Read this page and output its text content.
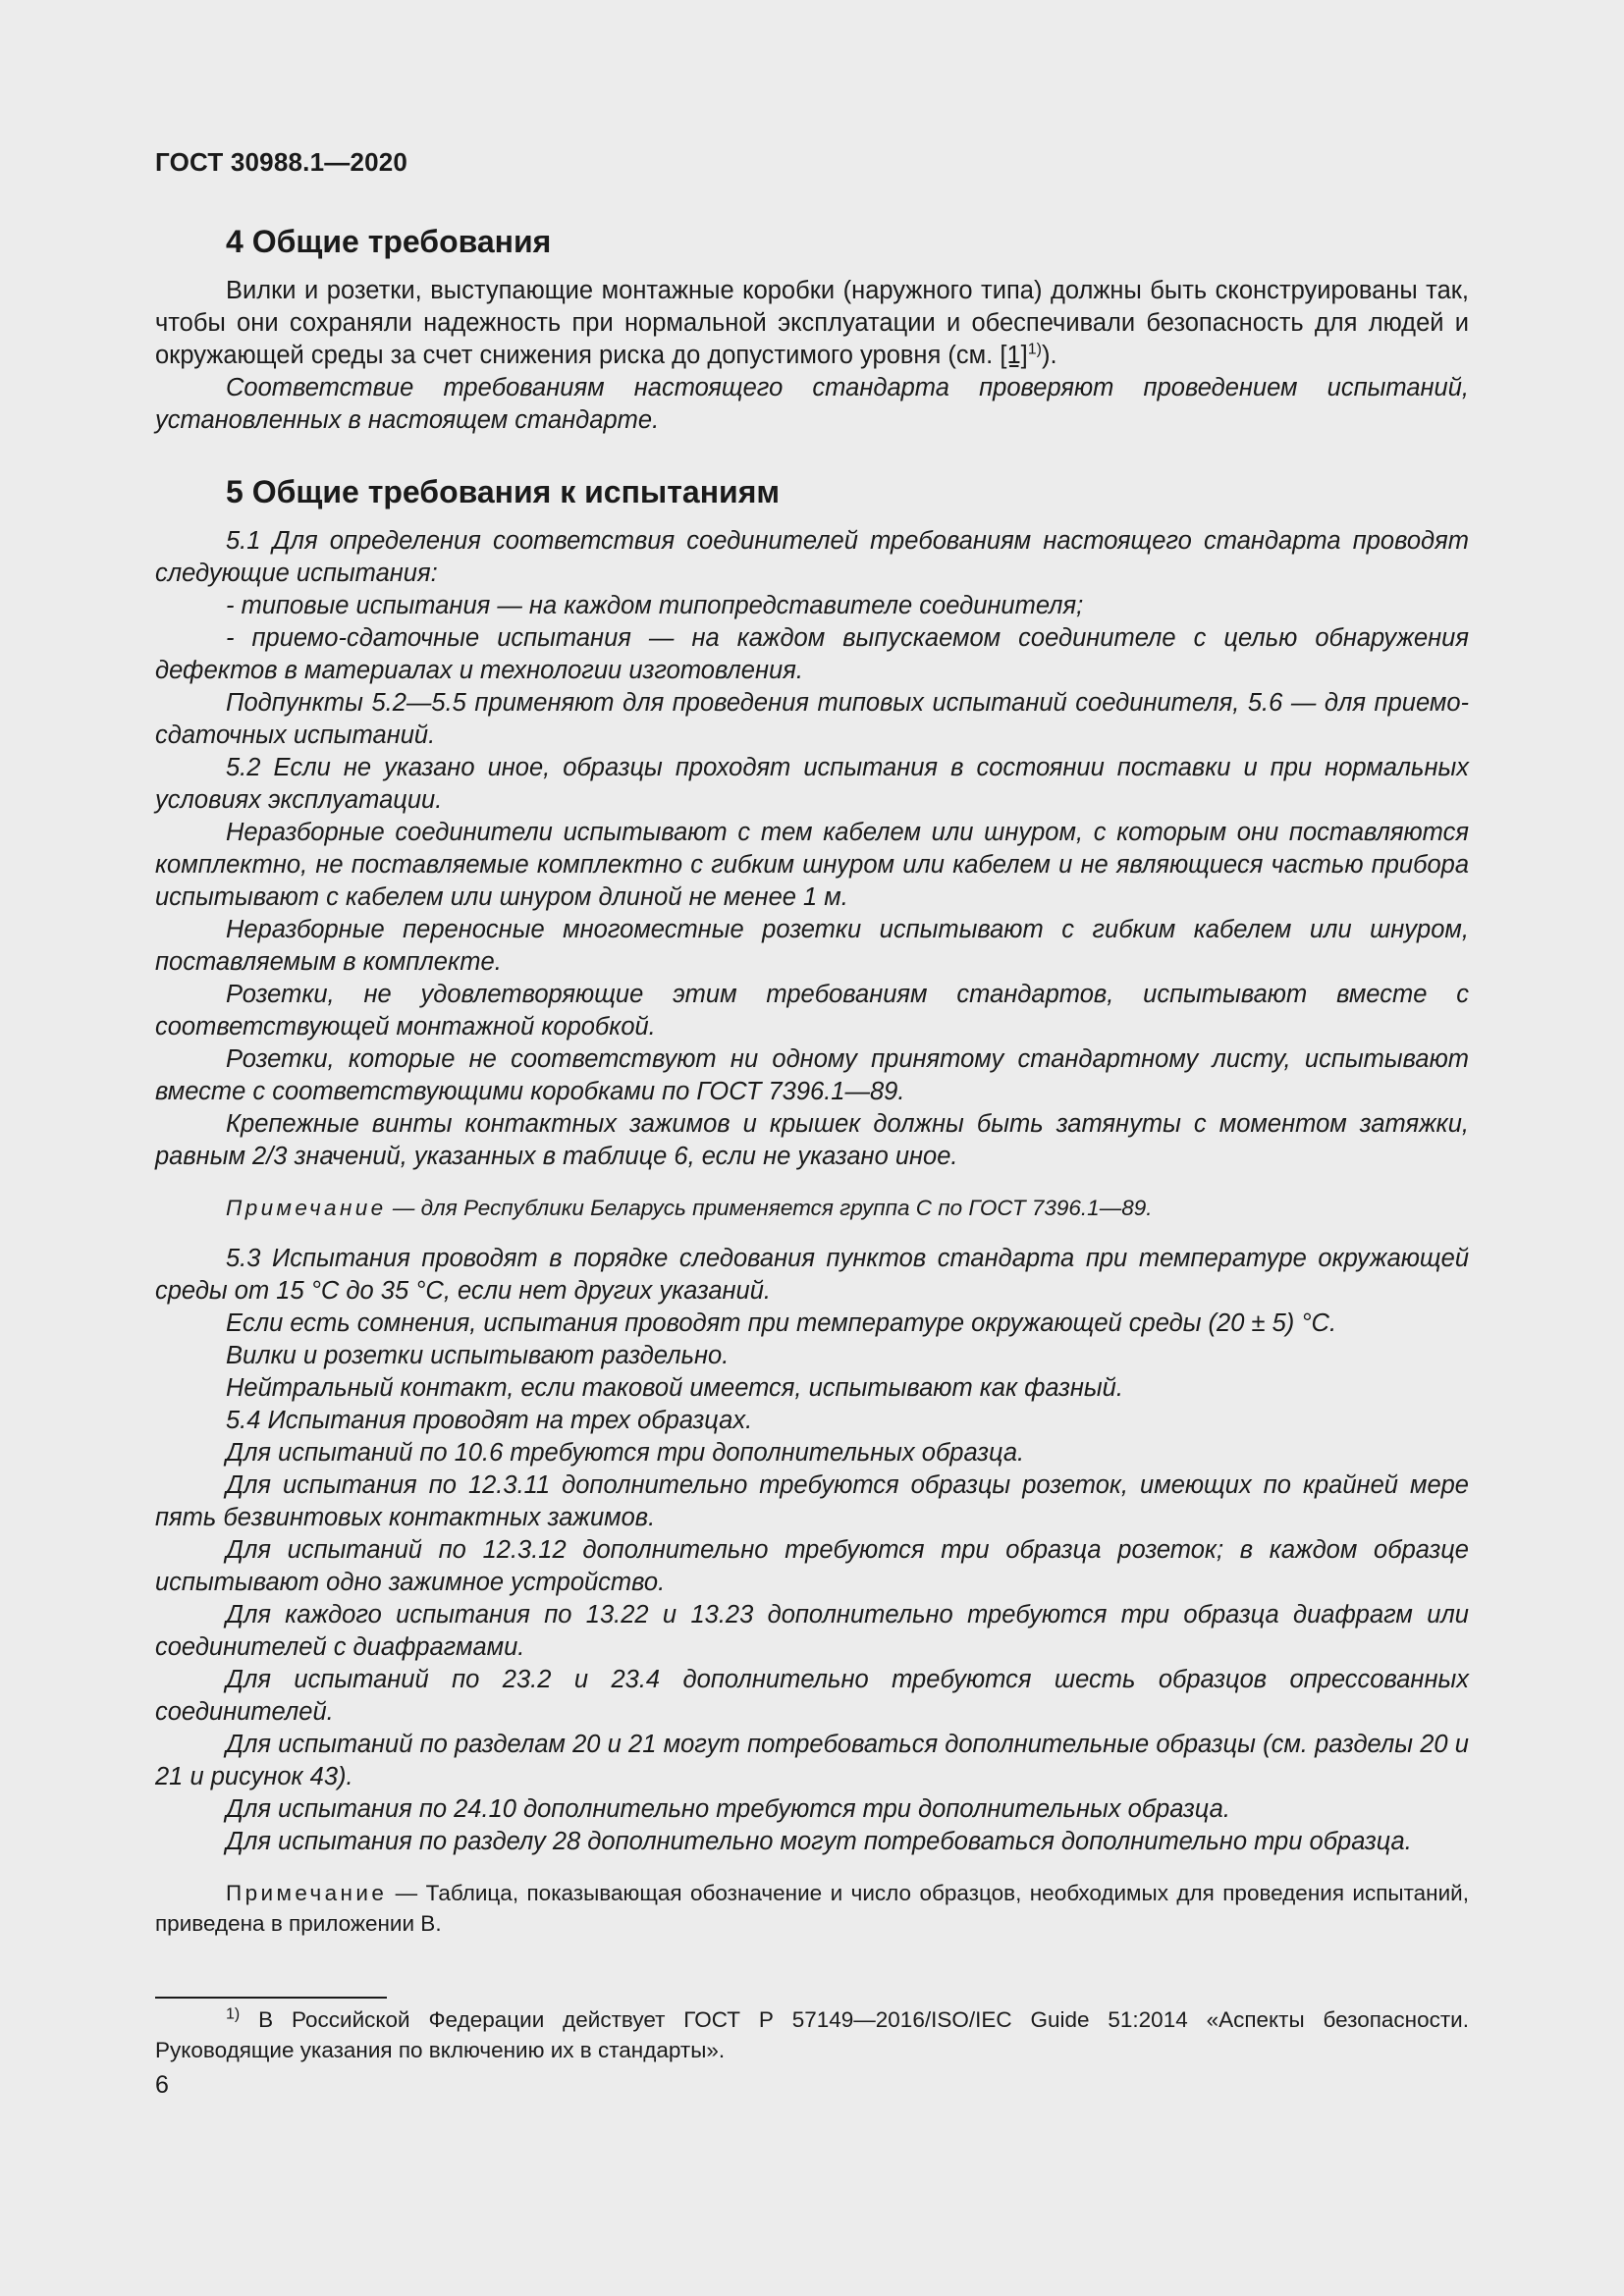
ГОСТ 30988.1—2020
4 Общие требования

Вилки и розетки, выступающие монтажные коробки (наружного типа) должны быть сконструированы так, чтобы они сохраняли надежность при нормальной эксплуатации и обеспечивали безопасность для людей и окружающей среды за счет снижения риска до допустимого уровня (см. $[1]^{1)}$).

Соответствие требованиям настоящего стандарта проверяют проведением испытаний, установленных в настоящем стандарте.

5 Общие требования к испытаниям

5.1 Для определения соответствия соединителей требованиям настоящего стандарта проводят следующие испытания:

- типовые испытания — на каждом типопредставителе соединителя;

- приемо-сдаточные испытания — на каждом выпускаемом соединителе с целью обнаружения дефектов в материалах и технологии изготовления.

Подпункты 5.2—5.5 применяют для проведения типовых испытаний соединителя, 5.6 — для приемо-сдаточных испытаний.

5.2 Если не указано иное, образцы проходят испытания в состоянии поставки и при нормальных условиях эксплуатации.

Неразборные соединители испытывают с тем кабелем или шнуром, с которым они поставляются комплектно, не поставляемые комплектно с гибким шнуром или кабелем и не являющиеся частью прибора испытывают с кабелем или шнуром длиной не менее 1 м.

Неразборные переносные многоместные розетки испытывают с гибким кабелем или шнуром, поставляемым в комплекте.

Розетки, не удовлетворяющие этим требованиям стандартов, испытывают вместе с соответствующей монтажной коробкой.

Розетки, которые не соответствуют ни одному принятому стандартному листу, испытывают вместе с соответствующими коробками по ГОСТ 7396.1—89.

Крепежные винты контактных зажимов и крышек должны быть затянуты с моментом затяжки, равным 2/3 значений, указанных в таблице 6, если не указано иное.

Примечание — для Республики Беларусь применяется группа С по ГОСТ 7396.1—89.

5.3 Испытания проводят в порядке следования пунктов стандарта при температуре окружающей среды от 15 °С до 35 °С, если нет других указаний.

Если есть сомнения, испытания проводят при температуре окружающей среды (20 ± 5) °С.

Вилки и розетки испытывают раздельно.

Нейтральный контакт, если таковой имеется, испытывают как фазный.

5.4 Испытания проводят на трех образцах.

Для испытаний по 10.6 требуются три дополнительных образца.

Для испытания по 12.3.11 дополнительно требуются образцы розеток, имеющих по крайней мере пять безвинтовых контактных зажимов.

Для испытаний по 12.3.12 дополнительно требуются три образца розеток; в каждом образце испытывают одно зажимное устройство.

Для каждого испытания по 13.22 и 13.23 дополнительно требуются три образца диафрагм или соединителей с диафрагмами.

Для испытаний по 23.2 и 23.4 дополнительно требуются шесть образцов опрессованных соединителей.

Для испытаний по разделам 20 и 21 могут потребоваться дополнительные образцы (см. разделы 20 и 21 и рисунок 43).

Для испытания по 24.10 дополнительно требуются три дополнительных образца.

Для испытания по разделу 28 дополнительно могут потребоваться дополнительно три образца.

Примечание — Таблица, показывающая обозначение и число образцов, необходимых для проведения испытаний, приведена в приложении В.
$^{1)}$ В Российской Федерации действует ГОСТ Р 57149—2016/ISO/IEC Guide 51:2014 «Аспекты безопасности. Руководящие указания по включению их в стандарты».
6
